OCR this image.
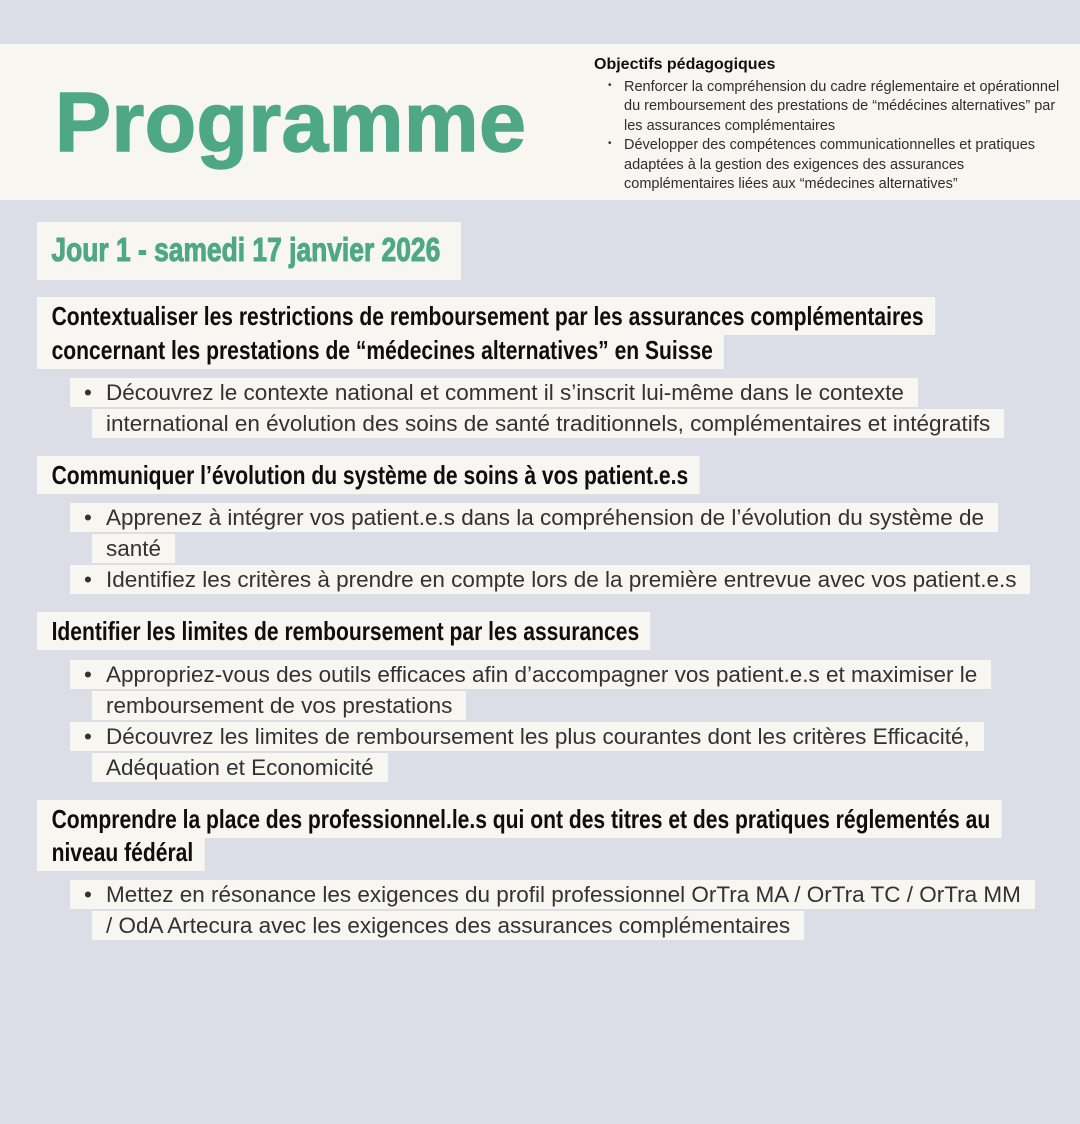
Programme

Objectifs pédagogiques

• Renforcer la compréhension du cadre réglementaire et opérationnel du remboursement des prestations de “médécines alternatives” par les assurances complémentaires

• Développer des compétences communicationnelles et pratiques adaptées à la gestion des exigences des assurances complémentaires liées aux “médecines alternatives”

Jour 1 - samedi 17 janvier 2026

Contextualiser les restrictions de remboursement par les assurances complémentaires concernant les prestations de “médecines alternatives” en Suisse

• Découvrez le contexte national et comment il s’inscrit lui-même dans le contexte international en évolution des soins de santé traditionnels, complémentaires et intégratifs

Communiquer l’évolution du système de soins à vos patient.e.s

• Apprenez à intégrer vos patient.e.s dans la compréhension de l’évolution du système de santé

• Identifiez les critères à prendre en compte lors de la première entrevue avec vos patient.e.s

Identifier les limites de remboursement par les assurances

• Appropriez-vous des outils efficaces afin d’accompagner vos patient.e.s et maximiser le remboursement de vos prestations

• Découvrez les limites de remboursement les plus courantes dont les critères Efficacité, Adéquation et Economicité

Comprendre la place des professionnel.le.s qui ont des titres et des pratiques réglementés au niveau fédéral

• Mettez en résonance les exigences du profil professionnel OrTra MA / OrTra TC / OrTra MM / OdA Artecura avec les exigences des assurances complémentaires
